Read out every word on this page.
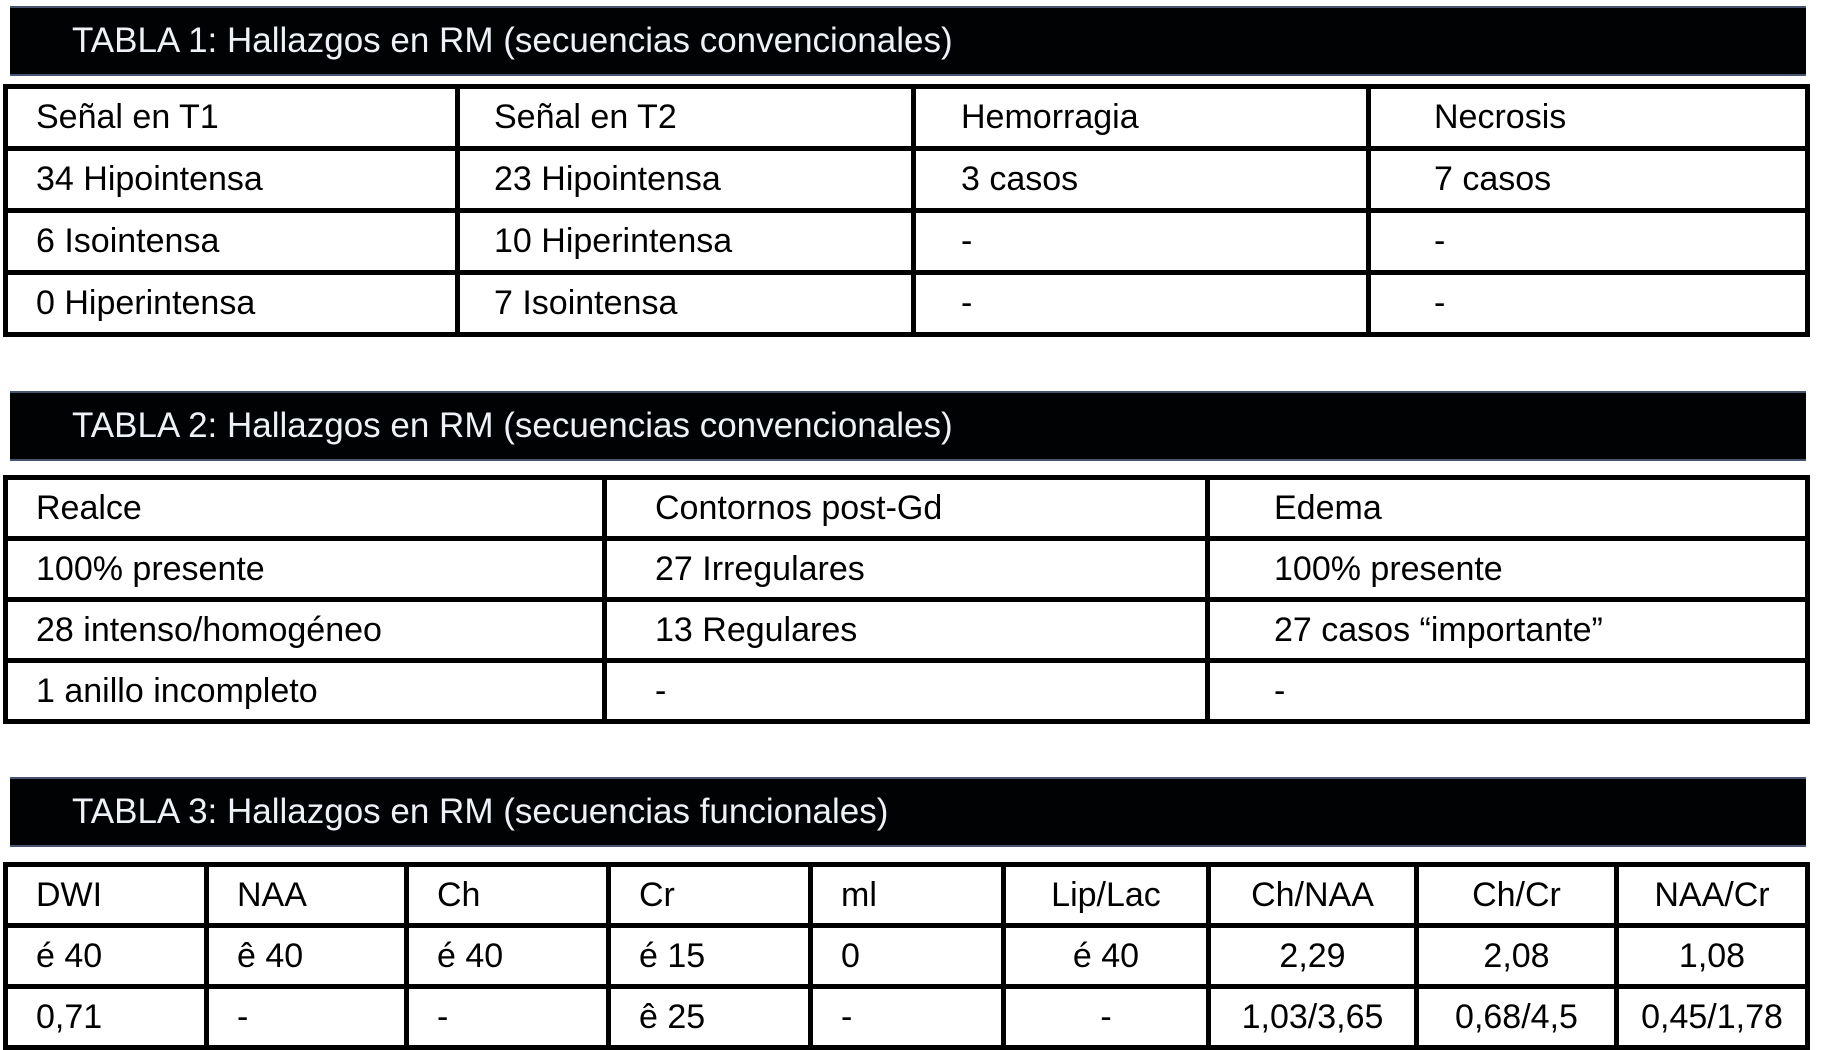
TABLA 1: Hallazgos en RM (secuencias convencionales)
Señal en T1	Señal en T2	Hemorragia	Necrosis
34 Hipointensa	23 Hipointensa	3 casos	7 casos
6 Isointensa	10 Hiperintensa	-	-
0 Hiperintensa	7 Isointensa	-	-
TABLA 2: Hallazgos en RM (secuencias convencionales)
Realce	Contornos post-Gd	Edema
100% presente	27 Irregulares	100% presente
28 intenso/homogéneo	13 Regulares	27 casos “importante”
1 anillo incompleto	-	-
TABLA 3: Hallazgos en RM (secuencias funcionales)
DWI	NAA	Ch	Cr	ml	Lip/Lac	Ch/NAA	Ch/Cr	NAA/Cr
é 40	ê 40	é 40	é 15	0	é 40	2,29	2,08	1,08
0,71	-	-	ê 25	-	-	1,03/3,65	0,68/4,5	0,45/1,78
